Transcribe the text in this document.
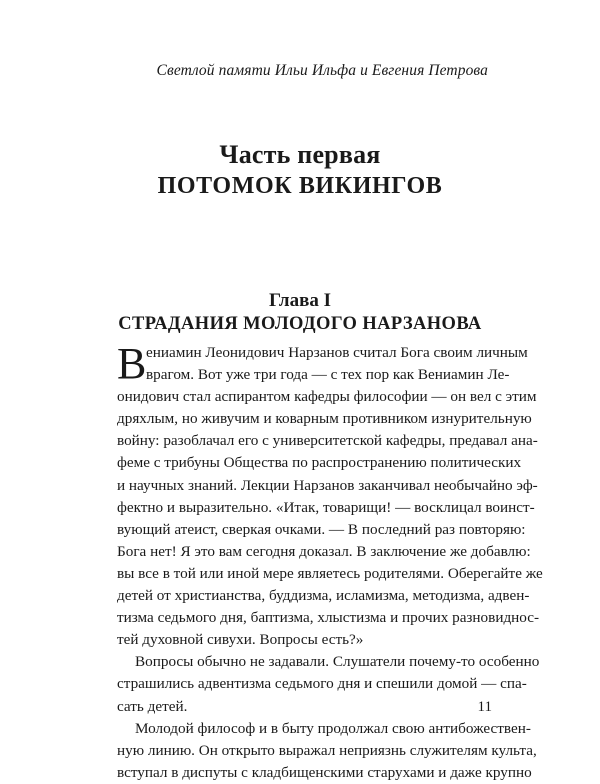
Светлой памяти Ильи Ильфа и Евгения Петрова
Часть первая
ПОТОМОК ВИКИНГОВ
Глава I
СТРАДАНИЯ МОЛОДОГО НАРЗАНОВА
В ениамин Леонидович Нарзанов считал Бога своим личным
врагом. Вот уже три года — с тех пор как Вениамин Ле-
онидович стал аспирантом кафедры философии — он вел с этим
дряхлым, но живучим и коварным противником изнурительную
войну: разоблачал его с университетской кафедры, предавал ана-
феме с трибуны Общества по распространению политических
и научных знаний. Лекции Нарзанов заканчивал необычайно эф-
фектно и выразительно. «Итак, товарищи! — восклицал воинст-
вующий атеист, сверкая очками. — В последний раз повторяю:
Бога нет! Я это вам сегодня доказал. В заключение же добавлю:
вы все в той или иной мере являетесь родителями. Оберегайте же
детей от христианства, буддизма, исламизма, методизма, адвен-
тизма седьмого дня, баптизма, хлыстизма и прочих разновиднос-
тей духовной сивухи. Вопросы есть?»
Вопросы обычно не задавали. Слушатели почему-то особенно
страшились адвентизма седьмого дня и спешили домой — спа-
сать детей.
Молодой философ и в быту продолжал свою антибожествен-
ную линию. Он открыто выражал неприязнь служителям культа,
вступал в диспуты с кладбищенскими старухами и даже крупно
11
